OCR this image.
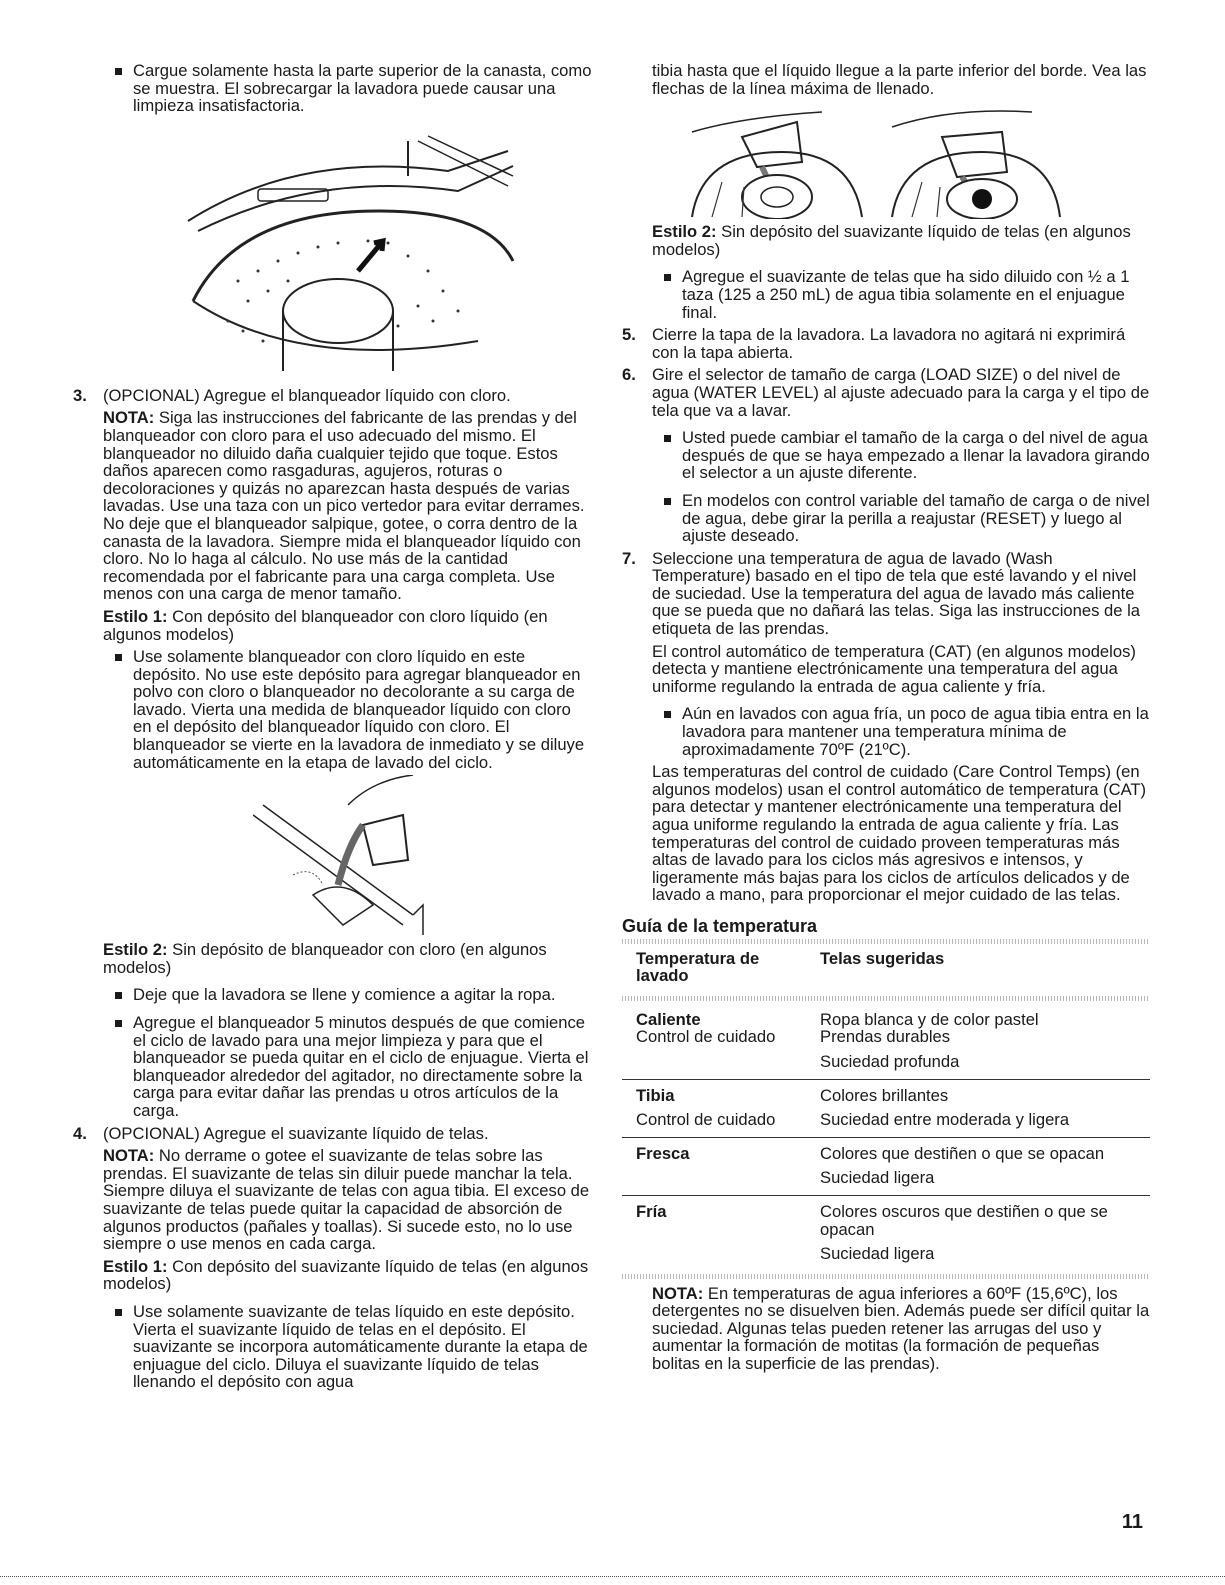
Cargue solamente hasta la parte superior de la canasta, como se muestra. El sobrecargar la lavadora puede causar una limpieza insatisfactoria.

3. (OPCIONAL) Agregue el blanqueador líquido con cloro.

NOTA: Siga las instrucciones del fabricante de las prendas y del blanqueador con cloro para el uso adecuado del mismo. El blanqueador no diluido daña cualquier tejido que toque. Estos daños aparecen como rasgaduras, agujeros, roturas o decoloraciones y quizás no aparezcan hasta después de varias lavadas. Use una taza con un pico vertedor para evitar derrames. No deje que el blanqueador salpique, gotee, o corra dentro de la canasta de la lavadora. Siempre mida el blanqueador líquido con cloro. No lo haga al cálculo. No use más de la cantidad recomendada por el fabricante para una carga completa. Use menos con una carga de menor tamaño.

Estilo 1: Con depósito del blanqueador con cloro líquido (en algunos modelos)

Use solamente blanqueador con cloro líquido en este depósito. No use este depósito para agregar blanqueador en polvo con cloro o blanqueador no decolorante a su carga de lavado. Vierta una medida de blanqueador líquido con cloro en el depósito del blanqueador líquido con cloro. El blanqueador se vierte en la lavadora de inmediato y se diluye automáticamente en la etapa de lavado del ciclo.

Estilo 2: Sin depósito de blanqueador con cloro (en algunos modelos)

Deje que la lavadora se llene y comience a agitar la ropa.

Agregue el blanqueador 5 minutos después de que comience el ciclo de lavado para una mejor limpieza y para que el blanqueador se pueda quitar en el ciclo de enjuague. Vierta el blanqueador alrededor del agitador, no directamente sobre la carga para evitar dañar las prendas u otros artículos de la carga.

4. (OPCIONAL) Agregue el suavizante líquido de telas.

NOTA: No derrame o gotee el suavizante de telas sobre las prendas. El suavizante de telas sin diluir puede manchar la tela. Siempre diluya el suavizante de telas con agua tibia. El exceso de suavizante de telas puede quitar la capacidad de absorción de algunos productos (pañales y toallas). Si sucede esto, no lo use siempre o use menos en cada carga.

Estilo 1: Con depósito del suavizante líquido de telas (en algunos modelos)

Use solamente suavizante de telas líquido en este depósito. Vierta el suavizante líquido de telas en el depósito. El suavizante se incorpora automáticamente durante la etapa de enjuague del ciclo. Diluya el suavizante líquido de telas llenando el depósito con agua

tibia hasta que el líquido llegue a la parte inferior del borde. Vea las flechas de la línea máxima de llenado.

Estilo 2: Sin depósito del suavizante líquido de telas (en algunos modelos)

Agregue el suavizante de telas que ha sido diluido con ½ a 1 taza (125 a 250 mL) de agua tibia solamente en el enjuague final.

5. Cierre la tapa de la lavadora. La lavadora no agitará ni exprimirá con la tapa abierta.

6. Gire el selector de tamaño de carga (LOAD SIZE) o del nivel de agua (WATER LEVEL) al ajuste adecuado para la carga y el tipo de tela que va a lavar.

Usted puede cambiar el tamaño de la carga o del nivel de agua después de que se haya empezado a llenar la lavadora girando el selector a un ajuste diferente.

En modelos con control variable del tamaño de carga o de nivel de agua, debe girar la perilla a reajustar (RESET) y luego al ajuste deseado.

7. Seleccione una temperatura de agua de lavado (Wash Temperature) basado en el tipo de tela que esté lavando y el nivel de suciedad. Use la temperatura del agua de lavado más caliente que se pueda que no dañará las telas. Siga las instrucciones de la etiqueta de las prendas.

El control automático de temperatura (CAT) (en algunos modelos) detecta y mantiene electrónicamente una temperatura del agua uniforme regulando la entrada de agua caliente y fría.

Aún en lavados con agua fría, un poco de agua tibia entra en la lavadora para mantener una temperatura mínima de aproximadamente 70ºF (21ºC).

Las temperaturas del control de cuidado (Care Control Temps) (en algunos modelos) usan el control automático de temperatura (CAT) para detectar y mantener electrónicamente una temperatura del agua uniforme regulando la entrada de agua caliente y fría. Las temperaturas del control de cuidado proveen temperaturas más altas de lavado para los ciclos más agresivos e intensos, y ligeramente más bajas para los ciclos de artículos delicados y de lavado a mano, para proporcionar el mejor cuidado de las telas.

Guía de la temperatura
Temperatura de lavado
Telas sugeridas
Caliente
Control de cuidado
Ropa blanca y de color pastel
Prendas durables
Suciedad profunda
Tibia
Control de cuidado
Colores brillantes
Suciedad entre moderada y ligera
Fresca	Colores que destiñen o que se opacan
Suciedad ligera
Fría	Colores oscuros que destiñen o que se opacan
Suciedad ligera

NOTA: En temperaturas de agua inferiores a 60ºF (15,6ºC), los detergentes no se disuelven bien. Además puede ser difícil quitar la suciedad. Algunas telas pueden retener las arrugas del uso y aumentar la formación de motitas (la formación de pequeñas bolitas en la superficie de las prendas).

11
